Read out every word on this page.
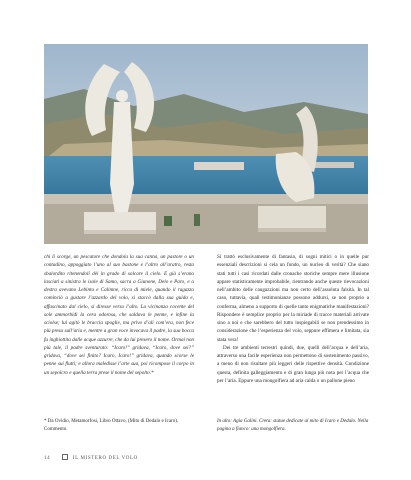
chi lì scorge, un pescatore che dondola la sua canna, un pastore o un contadino, appoggiato l’uno al suo bastone e l’altro all’aratro, resta sbalordito ritenendoli dèi in grado di solcare il cielo. E già s’erano lasciati a sinistra le isole di Samo, sacra a Giunone, Delo e Paro, e a destra avevano Lebinto e Calimne, ricca di miele, quando il ragazzo cominciò a gustare l’azzardo del volo, si staccò dalla sua guida e, affascinato dal cielo, si diresse verso l’alto. La vicinanza cocente del sole ammorbidì la cera odorosa, che saldava le penne, e infine la sciolse; lui agitò le braccia spoglie, ma privo d’ali com’era, non fece più presa sull’aria e, mentre a gran voce invocava il padre, la sua bocca fu inghiottita dalle acque azzurre, che da lui presero il nome. Ormai non più tale, il padre sventurato: “Icaro!” gridava, “Icaro, dove sei?” gridava, “dove sei finito? Icaro, Icaro!” gridava, quando scorse le penne sui flutti; e allora maledisse l’arte sua, poi ricompose il corpo in un sepolcro e quella terra prese il nome del sepolto.*

Si trattò esclusivamente di fantasia, di sogni mitici o in quelle pur essenziali descrizioni si cela un fondo, un nucleo di verità? Che siano stati tutti i casi ricordati dalle cronache storiche sempre mere illusione appare statisticamente improbabile, rientrando anche queste rievocazioni nell’ambito delle caugazzioni ma non certo dell’assoluta falsità. In tal caso, tuttavia, quali testimonianze possono addursi, se non proprio a conferma, almeno a supporto di quelle tanto enigmatiche manifestazioni? Rispondere è semplice proprio per la miriade di tracce materiali arrivate sino a noi e che sarebbero del tutto inspiegabili se non prendessimo in considerazione che l’esperienza del volo, seppure effimera e limitata, sia stata vera!

Dei tre ambienti terrestri quindi, due, quelli dell’acqua e dell’aria, attraverso una facile esperienza non permettono di sostenimento passivo, a meno di non risultare più leggeri delle rispettive densità. Condizione questa, definita galleggiamento e di gran lunga più nota per l’acqua che per l’aria. Eppure una mongolfiera ad aria calda o un pallone pieno

* Da Ovidio, Metamorfosi, Libro Ottavo, (Mito di Dedalo e Icaro). Commento.

In alto: Agia Galini. Creta: statue dedicate al mito di Icaro e Dedalo. Nella pagina a fianco: una mongolfiera.

14	IL MISTERO DEL VOLO
